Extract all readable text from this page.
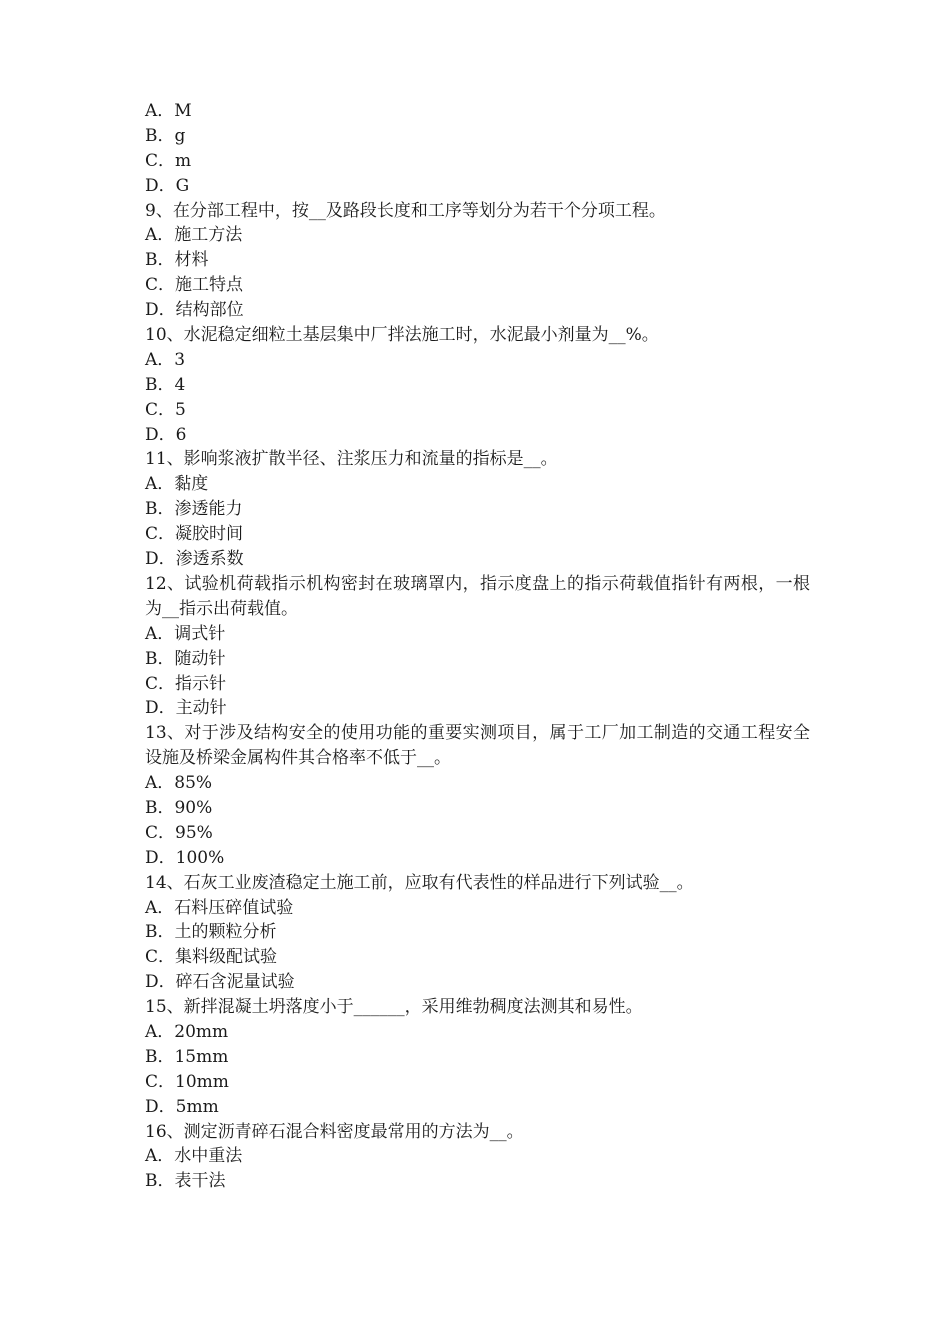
A．M
B．g
C．m
D．G
9、在分部工程中，按__及路段长度和工序等划分为若干个分项工程。
A．施工方法
B．材料
C．施工特点
D．结构部位
10、水泥稳定细粒土基层集中厂拌法施工时，水泥最小剂量为__%。
A．3
B．4
C．5
D．6
11、影响浆液扩散半径、注浆压力和流量的指标是__。
A．黏度
B．渗透能力
C．凝胶时间
D．渗透系数
12、试验机荷载指示机构密封在玻璃罩内，指示度盘上的指示荷载值指针有两根，一根为__指示出荷载值。
A．调式针
B．随动针
C．指示针
D．主动针
13、对于涉及结构安全的使用功能的重要实测项目，属于工厂加工制造的交通工程安全设施及桥梁金属构件其合格率不低于__。
A．85%
B．90%
C．95%
D．100%
14、石灰工业废渣稳定土施工前，应取有代表性的样品进行下列试验__。
A．石料压碎值试验
B．土的颗粒分析
C．集料级配试验
D．碎石含泥量试验
15、新拌混凝土坍落度小于______，采用维勃稠度法测其和易性。
A．20mm
B．15mm
C．10mm
D．5mm
16、测定沥青碎石混合料密度最常用的方法为__。
A．水中重法
B．表干法
